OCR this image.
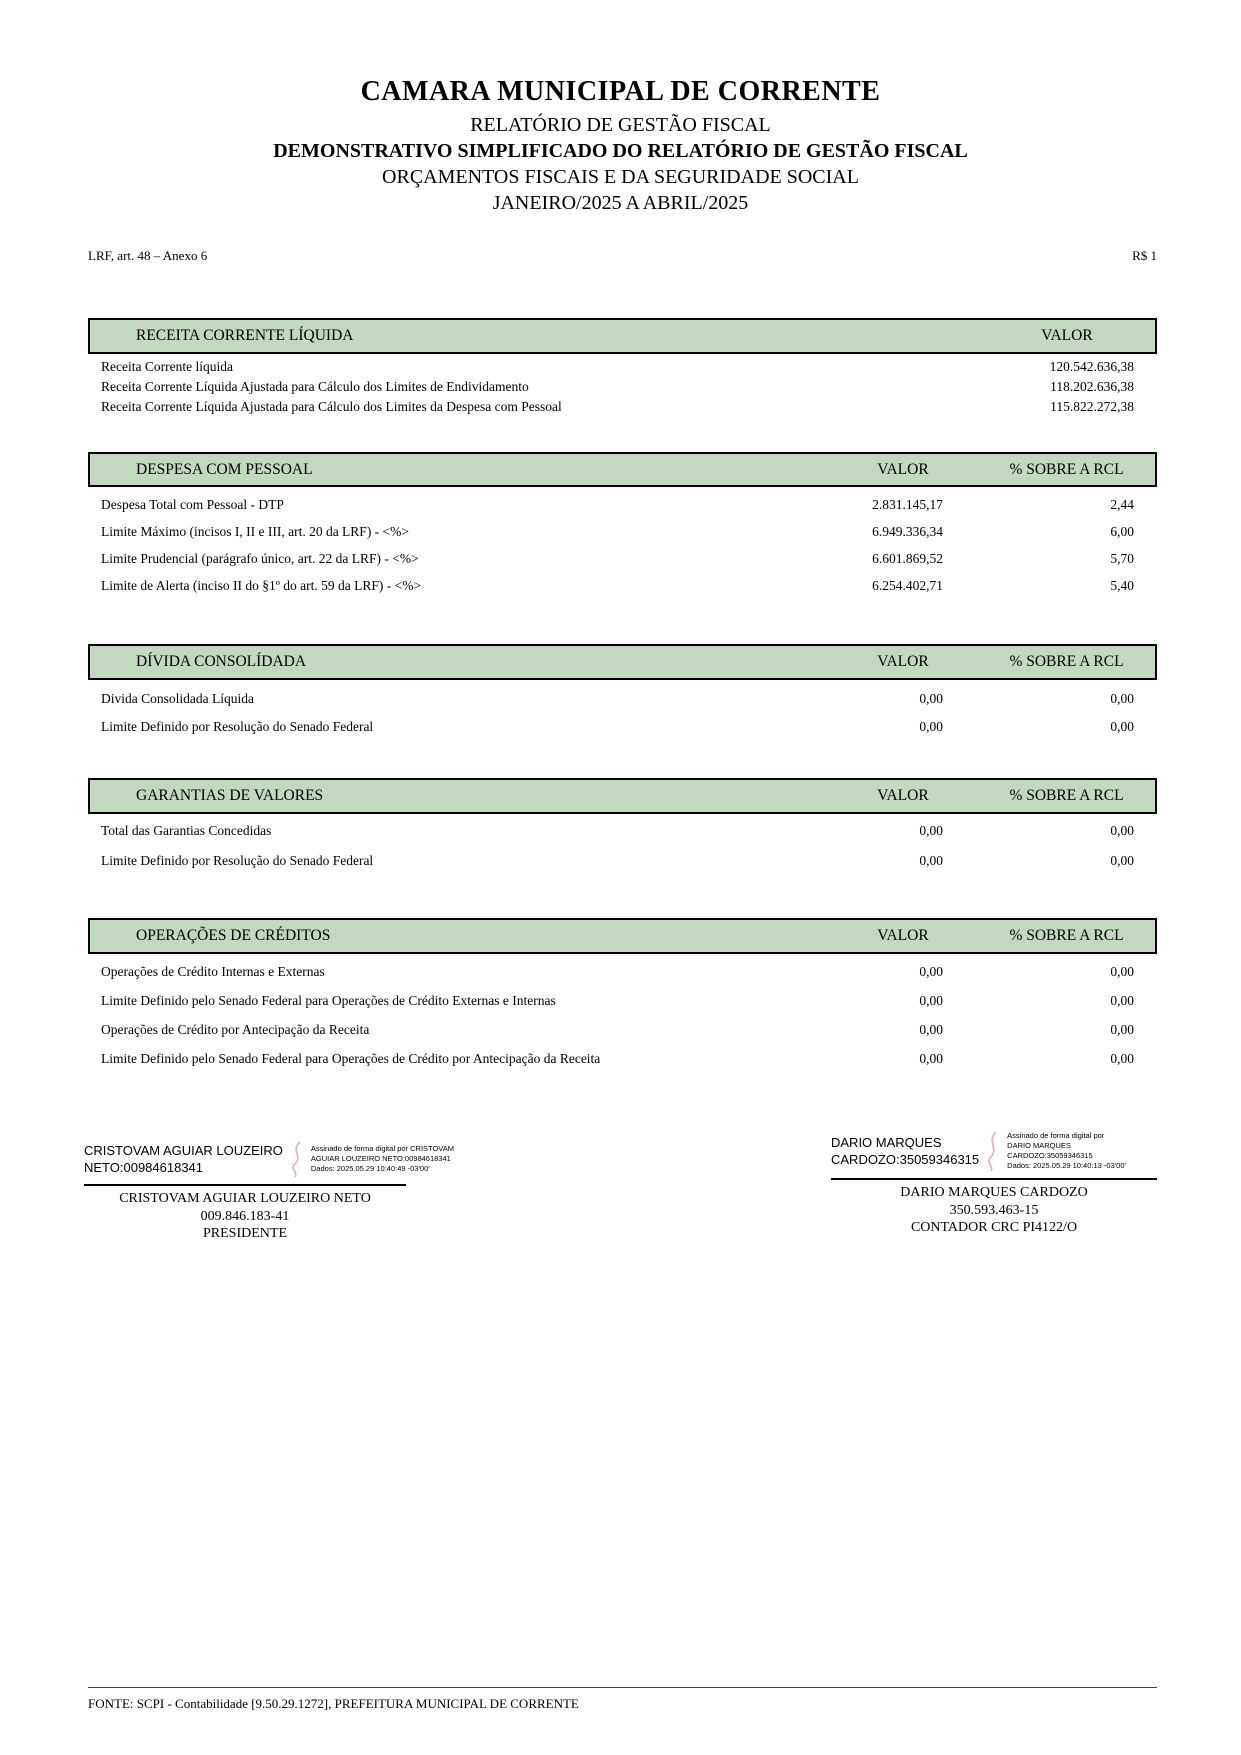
CAMARA MUNICIPAL DE CORRENTE
RELATÓRIO DE GESTÃO FISCAL
DEMONSTRATIVO SIMPLIFICADO DO RELATÓRIO DE GESTÃO FISCAL
ORÇAMENTOS FISCAIS E DA SEGURIDADE SOCIAL
JANEIRO/2025 A ABRIL/2025
LRF, art. 48 – Anexo 6	R$ 1
RECEITA CORRENTE LÍQUIDA	VALOR
Receita Corrente líquida	120.542.636,38
Receita Corrente Líquida Ajustada para Cálculo dos Limites de Endividamento	118.202.636,38
Receita Corrente Líquida Ajustada para Cálculo dos Limites da Despesa com Pessoal	115.822.272,38
DESPESA COM PESSOAL	VALOR	% SOBRE A RCL
Despesa Total com Pessoal - DTP	2.831.145,17	2,44
Limite Máximo (incisos I, II e III, art. 20 da LRF) - <%>	6.949.336,34	6,00
Limite Prudencial (parágrafo único, art. 22 da LRF) - <%>	6.601.869,52	5,70
Limite de Alerta (inciso II do §1º do art. 59 da LRF) - <%>	6.254.402,71	5,40
DÍVIDA CONSOLÍDADA	VALOR	% SOBRE A RCL
Divida Consolidada Líquida	0,00	0,00
Limite Definido por Resolução do Senado Federal	0,00	0,00
GARANTIAS DE VALORES	VALOR	% SOBRE A RCL
Total das Garantias Concedidas	0,00	0,00
Limite Definido por Resolução do Senado Federal	0,00	0,00
OPERAÇÕES DE CRÉDITOS	VALOR	% SOBRE A RCL
Operações de Crédito Internas e Externas	0,00	0,00
Limite Definido pelo Senado Federal para Operações de Crédito Externas e Internas	0,00	0,00
Operações de Crédito por Antecipação da Receita	0,00	0,00
Limite Definido pelo Senado Federal para Operações de Crédito por Antecipação da Receita	0,00	0,00
CRISTOVAM AGUIAR LOUZEIRO
NETO:00984618341
Assinado de forma digital por CRISTOVAM
AGUIAR LOUZEIRO NETO:00984618341
Dados: 2025.05.29 10:40:49 -03'00'
CRISTOVAM AGUIAR LOUZEIRO NETO
009.846.183-41
PRESIDENTE
DARIO MARQUES
CARDOZO:35059346315
Assinado de forma digital por
DARIO MARQUES
CARDOZO:35059346315
Dados: 2025.05.29 10:40:13 -03'00'
DARIO MARQUES CARDOZO
350.593.463-15
CONTADOR CRC PI4122/O
FONTE: SCPI - Contabilidade [9.50.29.1272], PREFEITURA MUNICIPAL DE CORRENTE
